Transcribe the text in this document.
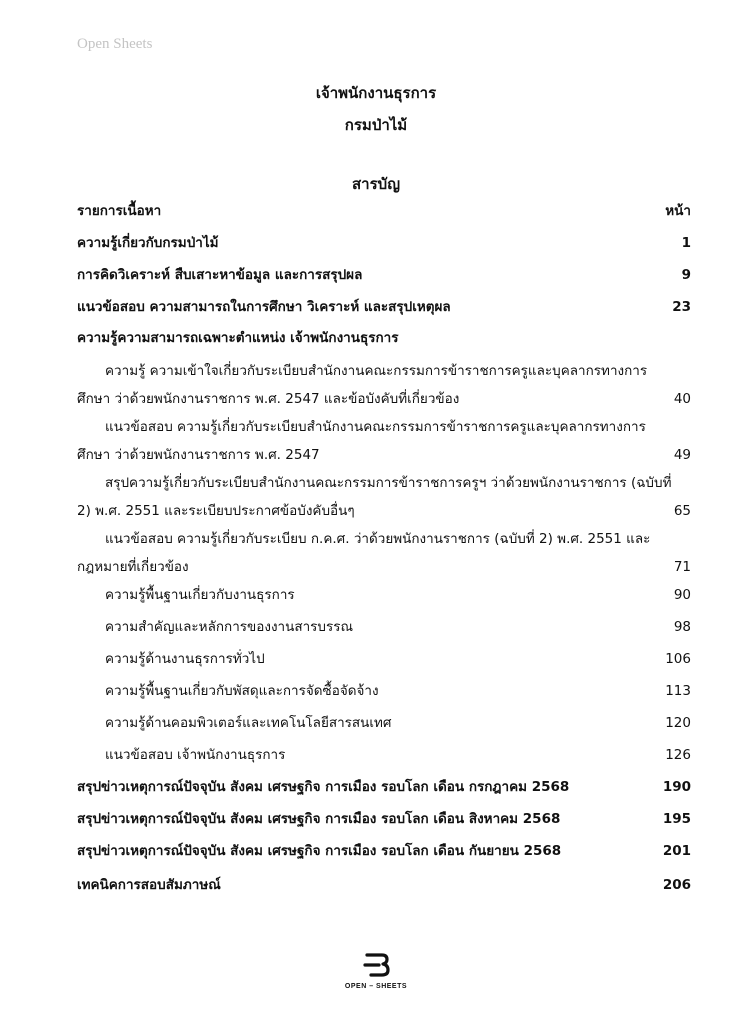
Open Sheets
เจ้าพนักงานธุรการ
กรมป่าไม้
สารบัญ
รายการเนื้อหา	หน้า
ความรู้เกี่ยวกับกรมป่าไม้	1
การคิดวิเคราะห์ สืบเสาะหาข้อมูล และการสรุปผล	9
แนวข้อสอบ ความสามารถในการศึกษา วิเคราะห์ และสรุปเหตุผล	23
ความรู้ความสามารถเฉพาะตำแหน่ง เจ้าพนักงานธุรการ
ความรู้ ความเข้าใจเกี่ยวกับระเบียบสำนักงานคณะกรรมการข้าราชการครูและบุคลากรทางการ
ศึกษา ว่าด้วยพนักงานราชการ พ.ศ. 2547 และข้อบังคับที่เกี่ยวข้อง	40
แนวข้อสอบ ความรู้เกี่ยวกับระเบียบสำนักงานคณะกรรมการข้าราชการครูและบุคลากรทางการ
ศึกษา ว่าด้วยพนักงานราชการ พ.ศ. 2547	49
สรุปความรู้เกี่ยวกับระเบียบสำนักงานคณะกรรมการข้าราชการครูฯ ว่าด้วยพนักงานราชการ (ฉบับที่
2) พ.ศ. 2551 และระเบียบประกาศข้อบังคับอื่นๆ	65
แนวข้อสอบ ความรู้เกี่ยวกับระเบียบ ก.ค.ศ. ว่าด้วยพนักงานราชการ (ฉบับที่ 2) พ.ศ. 2551 และ
กฎหมายที่เกี่ยวข้อง	71
ความรู้พื้นฐานเกี่ยวกับงานธุรการ	90
ความสำคัญและหลักการของงานสารบรรณ	98
ความรู้ด้านงานธุรการทั่วไป	106
ความรู้พื้นฐานเกี่ยวกับพัสดุและการจัดซื้อจัดจ้าง	113
ความรู้ด้านคอมพิวเตอร์และเทคโนโลยีสารสนเทศ	120
แนวข้อสอบ เจ้าพนักงานธุรการ	126
สรุปข่าวเหตุการณ์ปัจจุบัน สังคม เศรษฐกิจ การเมือง รอบโลก เดือน กรกฎาคม 2568	190
สรุปข่าวเหตุการณ์ปัจจุบัน สังคม เศรษฐกิจ การเมือง รอบโลก เดือน สิงหาคม 2568	195
สรุปข่าวเหตุการณ์ปัจจุบัน สังคม เศรษฐกิจ การเมือง รอบโลก เดือน กันยายน 2568	201
เทคนิคการสอบสัมภาษณ์	206
OPEN – SHEETS
